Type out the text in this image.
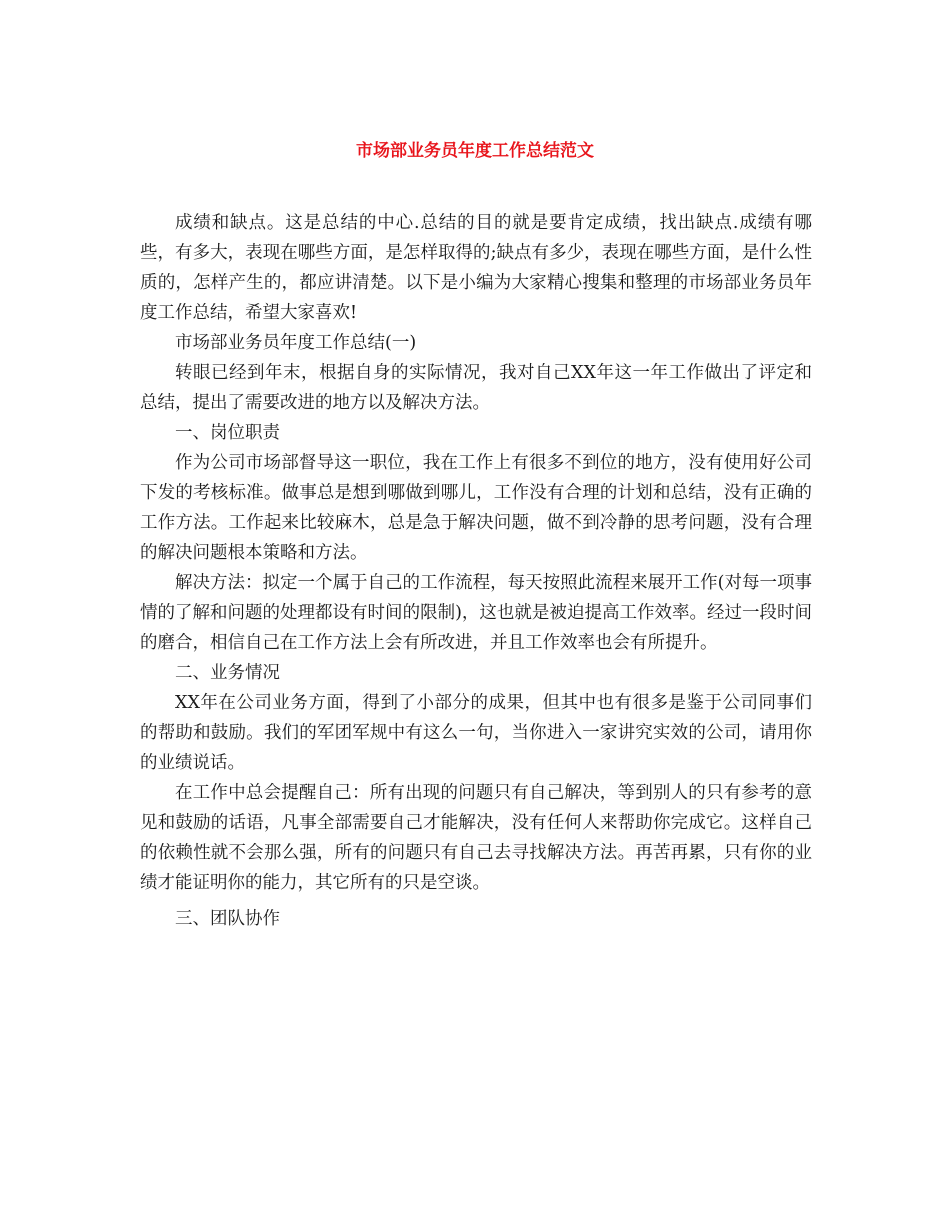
市场部业务员年度工作总结范文

成绩和缺点。这是总结的中心.总结的目的就是要肯定成绩，找出缺点.成绩有哪些，有多大，表现在哪些方面，是怎样取得的;缺点有多少，表现在哪些方面，是什么性质的，怎样产生的，都应讲清楚。以下是小编为大家精心搜集和整理的市场部业务员年度工作总结，希望大家喜欢!

市场部业务员年度工作总结(一)

转眼已经到年末，根据自身的实际情况，我对自己XX年这一年工作做出了评定和总结，提出了需要改进的地方以及解决方法。

一、岗位职责

作为公司市场部督导这一职位，我在工作上有很多不到位的地方，没有使用好公司下发的考核标准。做事总是想到哪做到哪儿，工作没有合理的计划和总结，没有正确的工作方法。工作起来比较麻木，总是急于解决问题，做不到冷静的思考问题，没有合理的解决问题根本策略和方法。

解决方法：拟定一个属于自己的工作流程，每天按照此流程来展开工作(对每一项事情的了解和问题的处理都设有时间的限制)，这也就是被迫提高工作效率。经过一段时间的磨合，相信自己在工作方法上会有所改进，并且工作效率也会有所提升。

二、业务情况

XX年在公司业务方面，得到了小部分的成果，但其中也有很多是鉴于公司同事们的帮助和鼓励。我们的军团军规中有这么一句，当你进入一家讲究实效的公司，请用你的业绩说话。

在工作中总会提醒自己：所有出现的问题只有自己解决，等到别人的只有参考的意见和鼓励的话语，凡事全部需要自己才能解决，没有任何人来帮助你完成它。这样自己的依赖性就不会那么强，所有的问题只有自己去寻找解决方法。再苦再累，只有你的业绩才能证明你的能力，其它所有的只是空谈。

三、团队协作
